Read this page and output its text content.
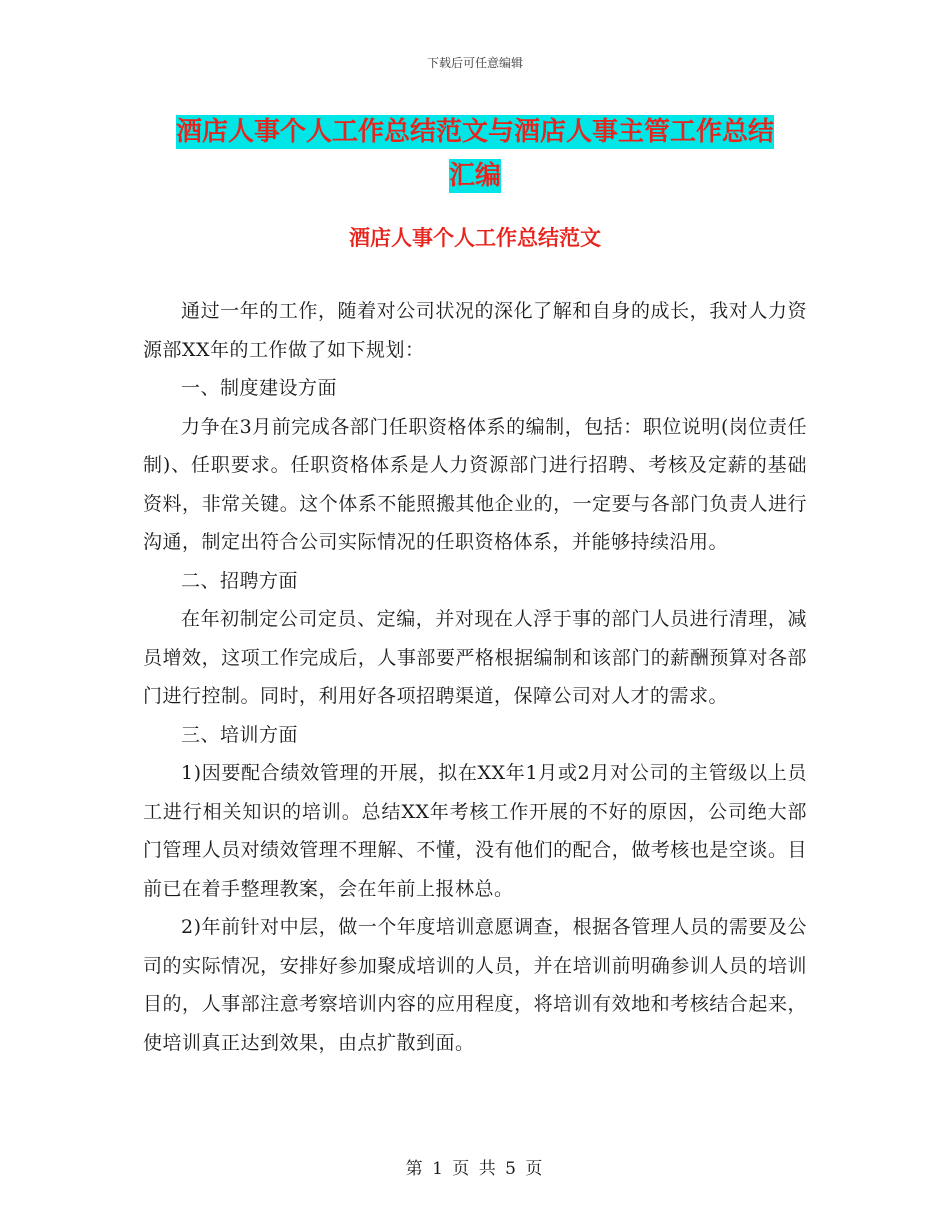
下载后可任意编辑
酒店人事个人工作总结范文与酒店人事主管工作总结
汇编
酒店人事个人工作总结范文

通过一年的工作，随着对公司状况的深化了解和自身的成长，我对人力资源部XX年的工作做了如下规划：

一、制度建设方面

力争在3月前完成各部门任职资格体系的编制，包括：职位说明(岗位责任制)、任职要求。任职资格体系是人力资源部门进行招聘、考核及定薪的基础资料，非常关键。这个体系不能照搬其他企业的，一定要与各部门负责人进行沟通，制定出符合公司实际情况的任职资格体系，并能够持续沿用。

二、招聘方面

在年初制定公司定员、定编，并对现在人浮于事的部门人员进行清理，减员增效，这项工作完成后，人事部要严格根据编制和该部门的薪酬预算对各部门进行控制。同时，利用好各项招聘渠道，保障公司对人才的需求。

三、培训方面

1)因要配合绩效管理的开展，拟在XX年1月或2月对公司的主管级以上员工进行相关知识的培训。总结XX年考核工作开展的不好的原因，公司绝大部门管理人员对绩效管理不理解、不懂，没有他们的配合，做考核也是空谈。目前已在着手整理教案，会在年前上报林总。

2)年前针对中层，做一个年度培训意愿调查，根据各管理人员的需要及公司的实际情况，安排好参加聚成培训的人员，并在培训前明确参训人员的培训目的，人事部注意考察培训内容的应用程度，将培训有效地和考核结合起来，使培训真正达到效果，由点扩散到面。

第 1 页 共 5 页
